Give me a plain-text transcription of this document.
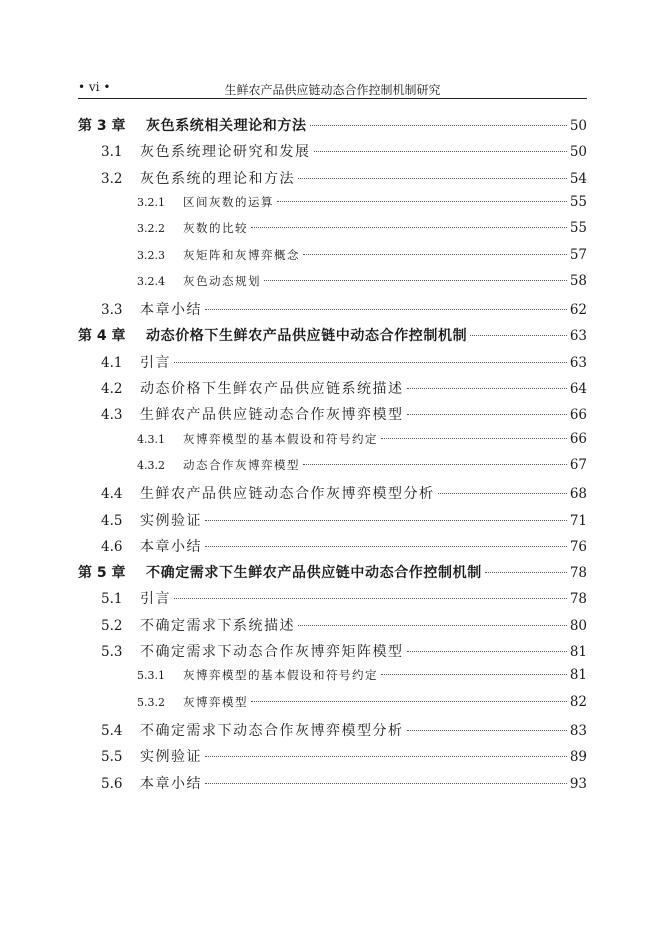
• vi •	生鲜农产品供应链动态合作控制机制研究
第 3 章	灰色系统相关理论和方法	50
3.1	灰色系统理论研究和发展	50
3.2	灰色系统的理论和方法	54
3.2.1	区间灰数的运算	55
3.2.2	灰数的比较	55
3.2.3	灰矩阵和灰博弈概念	57
3.2.4	灰色动态规划	58
3.3	本章小结	62
第 4 章	动态价格下生鲜农产品供应链中动态合作控制机制	63
4.1	引言	63
4.2	动态价格下生鲜农产品供应链系统描述	64
4.3	生鲜农产品供应链动态合作灰博弈模型	66
4.3.1	灰博弈模型的基本假设和符号约定	66
4.3.2	动态合作灰博弈模型	67
4.4	生鲜农产品供应链动态合作灰博弈模型分析	68
4.5	实例验证	71
4.6	本章小结	76
第 5 章	不确定需求下生鲜农产品供应链中动态合作控制机制	78
5.1	引言	78
5.2	不确定需求下系统描述	80
5.3	不确定需求下动态合作灰博弈矩阵模型	81
5.3.1	灰博弈模型的基本假设和符号约定	81
5.3.2	灰博弈模型	82
5.4	不确定需求下动态合作灰博弈模型分析	83
5.5	实例验证	89
5.6	本章小结	93
